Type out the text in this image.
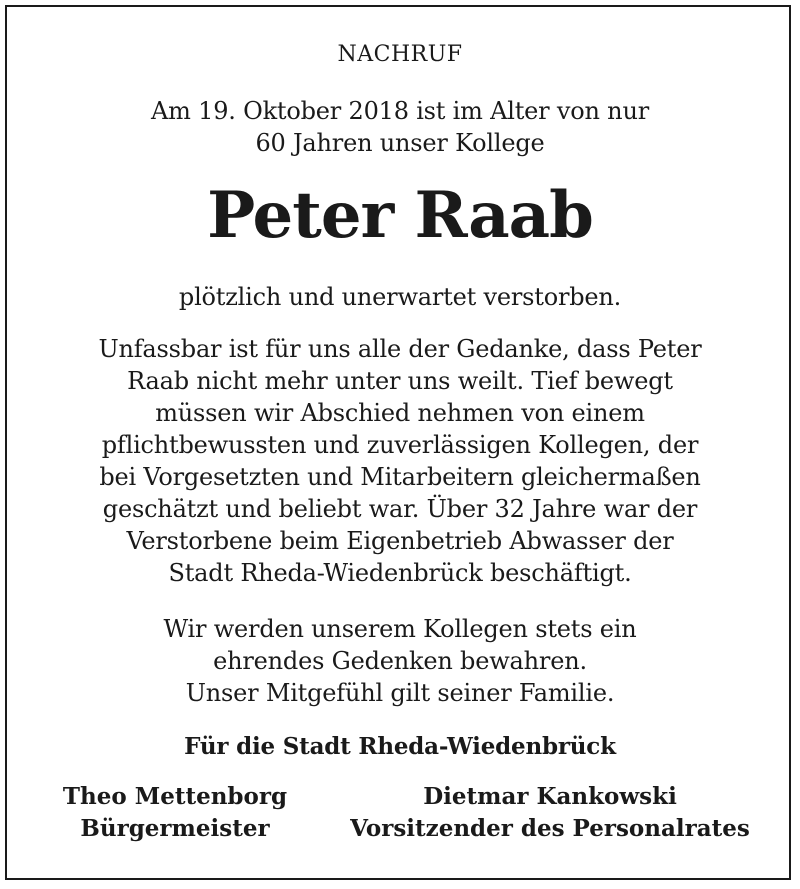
NACHRUF
Am 19. Oktober 2018 ist im Alter von nur
60 Jahren unser Kollege
Peter Raab
plötzlich und unerwartet verstorben.
Unfassbar ist für uns alle der Gedanke, dass Peter
Raab nicht mehr unter uns weilt. Tief bewegt
müssen wir Abschied nehmen von einem
pflichtbewussten und zuverlässigen Kollegen, der
bei Vorgesetzten und Mitarbeitern gleichermaßen
geschätzt und beliebt war. Über 32 Jahre war der
Verstorbene beim Eigenbetrieb Abwasser der
Stadt Rheda-Wiedenbrück beschäftigt.
Wir werden unserem Kollegen stets ein
ehrendes Gedenken bewahren.
Unser Mitgefühl gilt seiner Familie.
Für die Stadt Rheda-Wiedenbrück
Theo Mettenborg
Bürgermeister
Dietmar Kankowski
Vorsitzender des Personalrates
